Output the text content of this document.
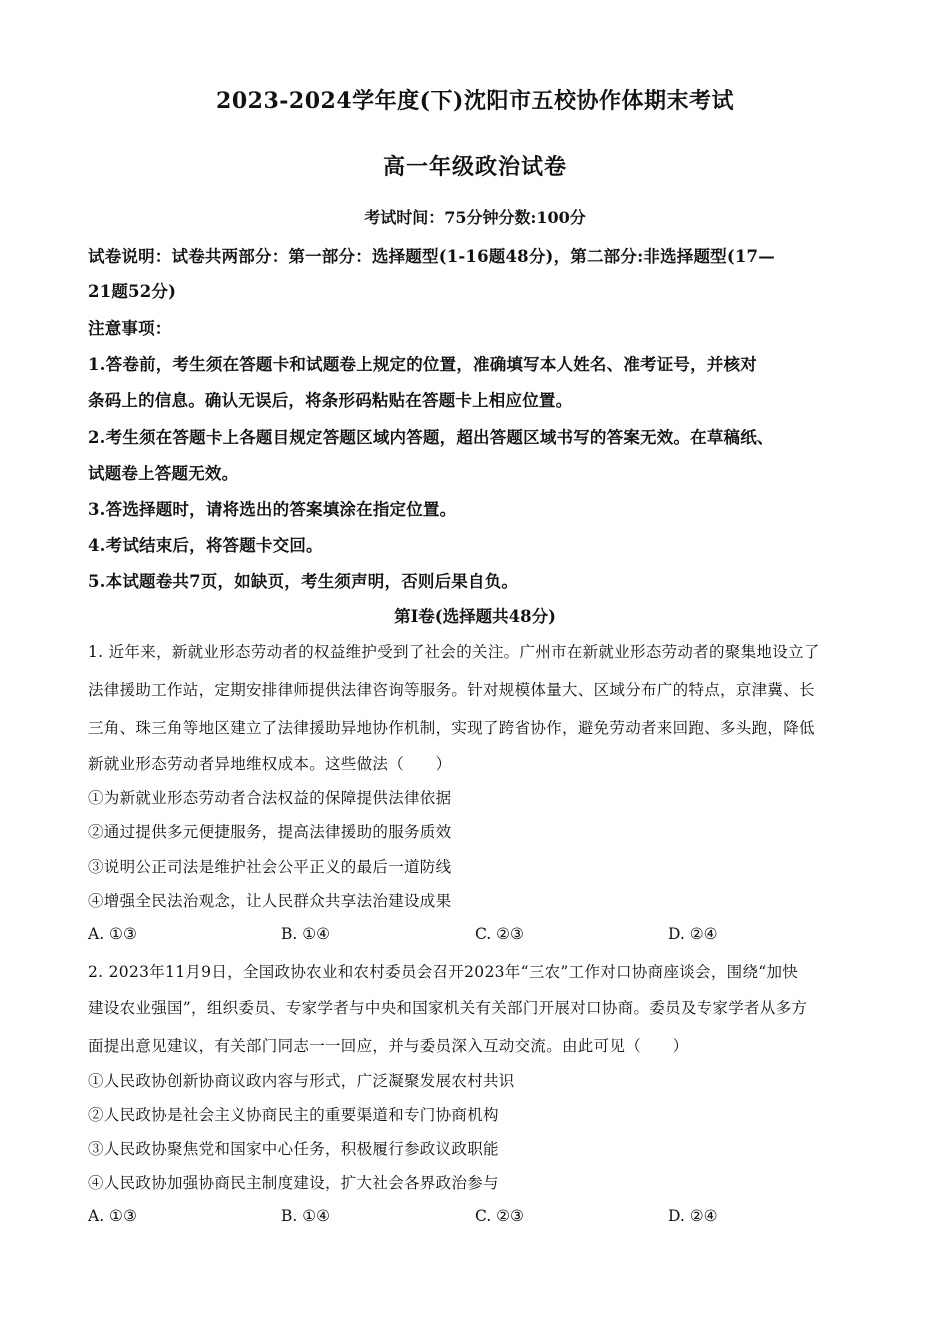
2023-2024学年度(下)沈阳市五校协作体期末考试
高一年级政治试卷
考试时间：75分钟分数:100分
试卷说明：试卷共两部分：第一部分：选择题型(1-16题48分)，第二部分:非选择题型(17—
21题52分)
注意事项：
1.答卷前，考生须在答题卡和试题卷上规定的位置，准确填写本人姓名、准考证号，并核对
条码上的信息。确认无误后，将条形码粘贴在答题卡上相应位置。
2.考生须在答题卡上各题目规定答题区域内答题，超出答题区域书写的答案无效。在草稿纸、
试题卷上答题无效。
3.答选择题时，请将选出的答案填涂在指定位置。
4.考试结束后，将答题卡交回。
5.本试题卷共7页，如缺页，考生须声明，否则后果自负。
第Ⅰ卷(选择题共48分)
1. 近年来，新就业形态劳动者的权益维护受到了社会的关注。广州市在新就业形态劳动者的聚集地设立了
法律援助工作站，定期安排律师提供法律咨询等服务。针对规模体量大、区域分布广的特点，京津冀、长
三角、珠三角等地区建立了法律援助异地协作机制，实现了跨省协作，避免劳动者来回跑、多头跑，降低
新就业形态劳动者异地维权成本。这些做法（　　）
①为新就业形态劳动者合法权益的保障提供法律依据
②通过提供多元便捷服务，提高法律援助的服务质效
③说明公正司法是维护社会公平正义的最后一道防线
④增强全民法治观念，让人民群众共享法治建设成果
A. ①③	B. ①④	C. ②③	D. ②④
2. 2023年11月9日，全国政协农业和农村委员会召开2023年“三农”工作对口协商座谈会，围绕“加快
建设农业强国”，组织委员、专家学者与中央和国家机关有关部门开展对口协商。委员及专家学者从多方
面提出意见建议，有关部门同志一一回应，并与委员深入互动交流。由此可见（　　）
①人民政协创新协商议政内容与形式，广泛凝聚发展农村共识
②人民政协是社会主义协商民主的重要渠道和专门协商机构
③人民政协聚焦党和国家中心任务，积极履行参政议政职能
④人民政协加强协商民主制度建设，扩大社会各界政治参与
A. ①③	B. ①④	C. ②③	D. ②④
